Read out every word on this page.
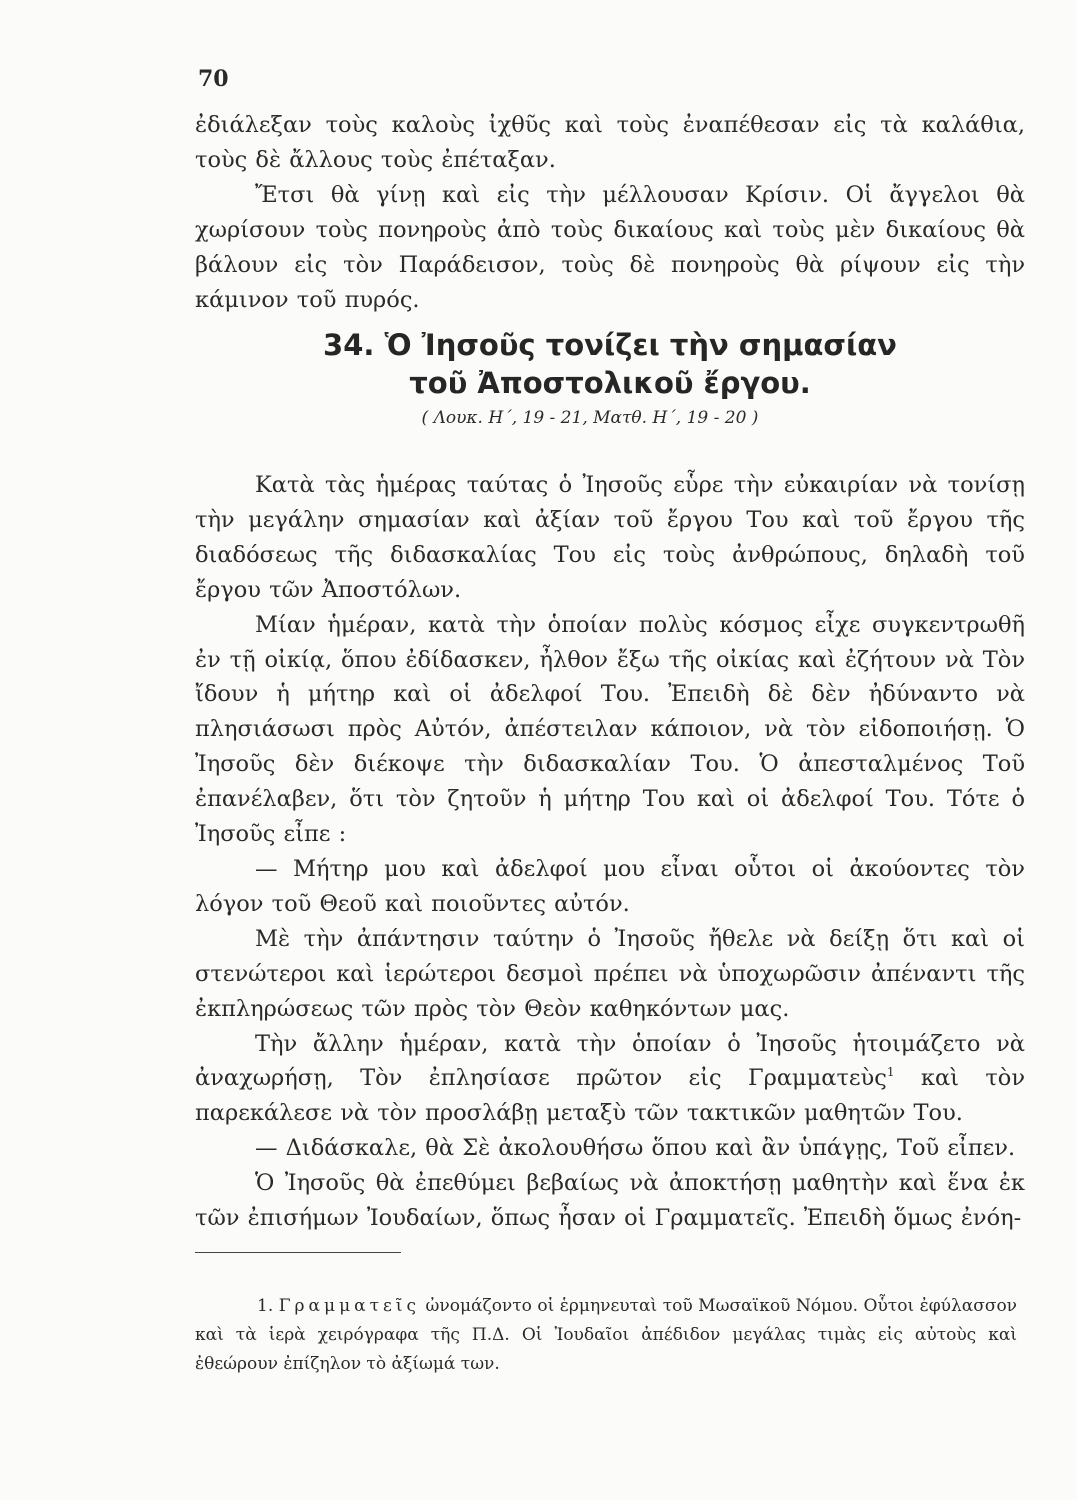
70

ἐδιάλεξαν τοὺς καλοὺς ἰχθῦς καὶ τοὺς ἐναπέθεσαν εἰς τὰ καλάθια, τοὺς δὲ ἄλλους τοὺς ἐπέταξαν.

Ἔτσι θὰ γίνῃ καὶ εἰς τὴν μέλλουσαν Κρίσιν. Οἱ ἄγγελοι θὰ χωρίσουν τοὺς πονηροὺς ἀπὸ τοὺς δικαίους καὶ τοὺς μὲν δικαίους θὰ βάλουν εἰς τὸν Παράδεισον, τοὺς δὲ πονηροὺς θὰ ρίψουν εἰς τὴν κάμινον τοῦ πυρός.

34. Ὁ Ἰησοῦς τονίζει τὴν σημασίαν
τοῦ Ἀποστολικοῦ ἔργου.
( Λουκ. Η΄, 19 - 21, Ματθ. Η΄, 19 - 20 )

Κατὰ τὰς ἡμέρας ταύτας ὁ Ἰησοῦς εὗρε τὴν εὐκαιρίαν νὰ τονίσῃ τὴν μεγάλην σημασίαν καὶ ἀξίαν τοῦ ἔργου Του καὶ τοῦ ἔργου τῆς διαδόσεως τῆς διδασκαλίας Του εἰς τοὺς ἀνθρώπους, δηλαδὴ τοῦ ἔργου τῶν Ἀποστόλων.

Μίαν ἡμέραν, κατὰ τὴν ὁποίαν πολὺς κόσμος εἶχε συγκεντρωθῆ ἐν τῇ οἰκίᾳ, ὅπου ἐδίδασκεν, ἦλθον ἔξω τῆς οἰκίας καὶ ἐζήτουν νὰ Τὸν ἴδουν ἡ μήτηρ καὶ οἱ ἀδελφοί Του. Ἐπειδὴ δὲ δὲν ἠδύναντο νὰ πλησιάσωσι πρὸς Αὐτόν, ἀπέστειλαν κάποιον, νὰ τὸν εἰδοποιήσῃ. Ὁ Ἰησοῦς δὲν διέκοψε τὴν διδασκαλίαν Του. Ὁ ἀπεσταλμένος Τοῦ ἐπανέλαβεν, ὅτι τὸν ζητοῦν ἡ μήτηρ Του καὶ οἱ ἀδελφοί Του. Τότε ὁ Ἰησοῦς εἶπε :

— Μήτηρ μου καὶ ἀδελφοί μου εἶναι οὗτοι οἱ ἀκούοντες τὸν λόγον τοῦ Θεοῦ καὶ ποιοῦντες αὐτόν.

Μὲ τὴν ἀπάντησιν ταύτην ὁ Ἰησοῦς ἤθελε νὰ δείξῃ ὅτι καὶ οἱ στενώτεροι καὶ ἱερώτεροι δεσμοὶ πρέπει νὰ ὑποχωρῶσιν ἀπέναντι τῆς ἐκπληρώσεως τῶν πρὸς τὸν Θεὸν καθηκόντων μας.

Τὴν ἄλλην ἡμέραν, κατὰ τὴν ὁποίαν ὁ Ἰησοῦς ἡτοιμάζετο νὰ ἀναχωρήσῃ, Τὸν ἐπλησίασε πρῶτον εἰς Γραμματεὺς$^1$ καὶ τὸν παρεκάλεσε νὰ τὸν προσλάβῃ μεταξὺ τῶν τακτικῶν μαθητῶν Του.

— Διδάσκαλε, θὰ Σὲ ἀκολουθήσω ὅπου καὶ ἂν ὑπάγῃς, Τοῦ εἶπεν.

Ὁ Ἰησοῦς θὰ ἐπεθύμει βεβαίως νὰ ἀποκτήσῃ μαθητὴν καὶ ἕνα ἐκ τῶν ἐπισήμων Ἰουδαίων, ὅπως ἦσαν οἱ Γραμματεῖς. Ἐπειδὴ ὅμως ἐνόη-

1. Γραμματεῖς ὠνομάζοντο οἱ ἑρμηνευταὶ τοῦ Μωσαϊκοῦ Νόμου. Οὗτοι ἐφύλασσον καὶ τὰ ἱερὰ χειρόγραφα τῆς Π.Δ. Οἱ Ἰουδαῖοι ἀπέδιδον μεγάλας τιμὰς εἰς αὐτοὺς καὶ ἐθεώρουν ἐπίζηλον τὸ ἀξίωμά των.
